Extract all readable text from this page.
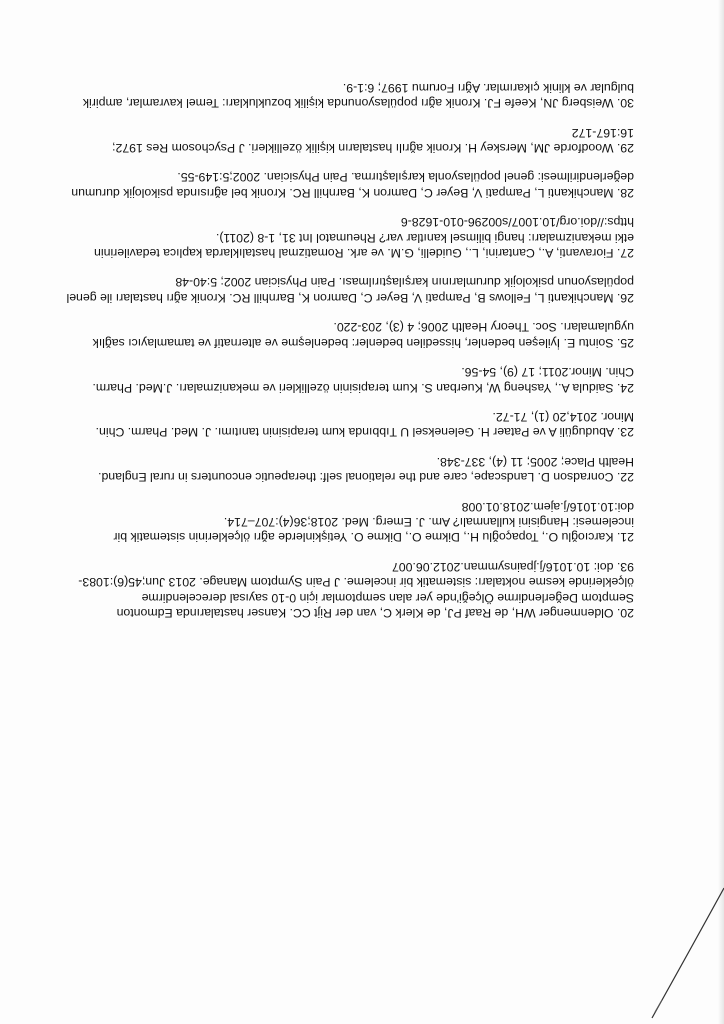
20. Oldenmenger WH, de Raaf PJ, de Klerk C, van der Rijt CC. Kanser hastalarında Edmonton
Semptom Değerlendirme Ölçeği'nde yer alan semptomlar için 0-10 sayısal derecelendirme
ölçeklerinde kesme noktaları: sistematik bir inceleme. J Pain Symptom Manage. 2013 Jun;45(6):1083-
93. doi: 10.1016/j.jpainsymman.2012.06.007
21. Karcıoğlu O., Topaçoğlu H., Dikme O., Dikme O. Yetişkinlerde ağrı ölçeklerinin sistematik bir
incelemesi: Hangisini kullanmalı? Am. J. Emerg. Med. 2018;36(4):707–714.
doi:10.1016/j.ajem.2018.01.008
22. Conradson D. Landscape, care and the relational self: therapeutic encounters in rural England.
Health Place; 2005; 11 (4), 337-348.
23. Abudugüli A ve Pataer H. Geleneksel U Tıbbında kum terapisinin tanıtımı. J. Med. Pharm. Chin.
Minor. 2014,20 (1), 71-72.
24. Saidula A., Yasheng W, Kuerban S. Kum terapisinin özellikleri ve mekanizmaları. J.Med. Pharm.
Chin. Minor.2011; 17 (9), 54-56.
25. Sointu E. İyileşen bedenler, hissedilen bedenler: bedenleşme ve alternatif ve tamamlayıcı sağlık
uygulamaları. Soc. Theory Health 2006; 4 (3), 203-220.
26. Manchikanti L, Fellows B, Pampati V, Beyer C, Damron K, Barnhill RC. Kronik ağrı hastaları ile genel
popülasyonun psikolojik durumlarının karşılaştırılması. Pain Physician 2002; 5:40-48
27. Fioravanti, A., Cantarini, L., Guidelli, G.M. ve ark. Romatizmal hastalıklarda kaplıca tedavilerinin
etki mekanizmaları: hangi bilimsel kanıtlar var? Rheumatol Int 31, 1-8 (2011).
https://doi.org/10.1007/s00296-010-1628-6
28. Manchikanti L, Pampati V, Beyer C, Damron K, Barnhill RC. Kronik bel ağrısında psikolojik durumun
değerlendirilmesi: genel popülasyonla karşılaştırma. Pain Physician. 2002;5:149-55.
29. Woodforde JM, Merskey H. Kronik ağrılı hastaların kişilik özellikleri. J Psychosom Res 1972;
16:167-172
30. Weisberg JN, Keefe FJ. Kronik ağrı popülasyonunda kişilik bozuklukları: Temel kavramlar, ampirik
bulgular ve klinik çıkarımlar. Ağrı Forumu 1997; 6:1-9.
